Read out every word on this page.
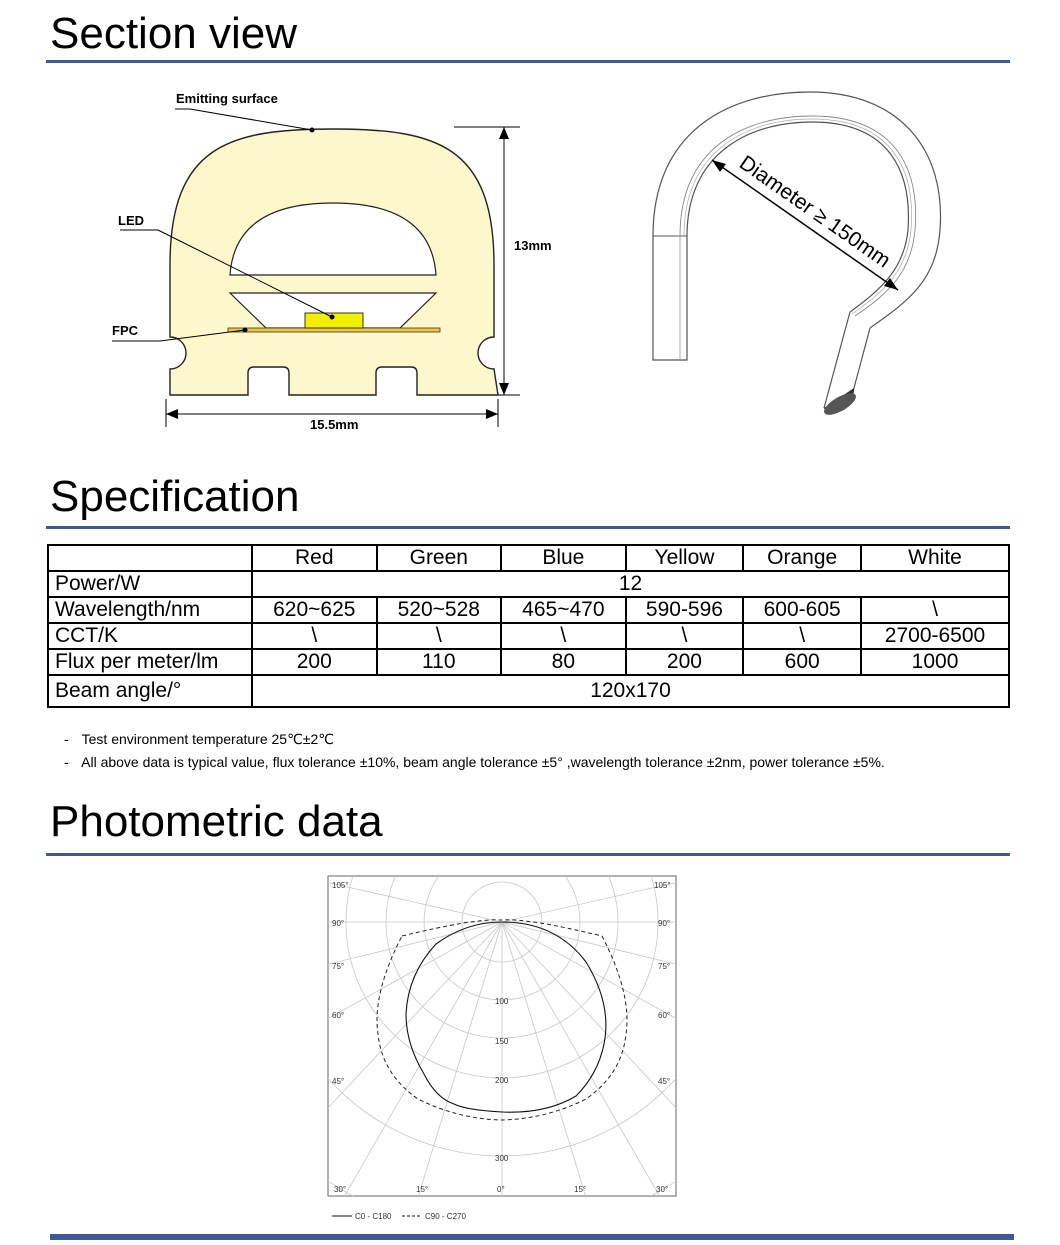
Section view
Emitting surface
LED
FPC
13mm
15.5mm
Diameter ≥ 150mm
Specification
	Red	Green	Blue	Yellow	Orange	White
Power/W	12					
Wavelength/nm	620~625	520~528	465~470	590-596	600-605	\
CCT/K	\	\	\	\	\	2700-6500
Flux per meter/lm	200	110	80	200	600	1000
Beam angle/°	120x170					
- Test environment temperature 25℃±2℃
- All above data is typical value, flux tolerance ±10%, beam angle tolerance ±5° ,wavelength tolerance ±2nm, power tolerance ±5%.
Photometric data
105°
90°
75°
60°
45°
105°
90°
75°
60°
45°
30°	15°	0°	15°	30°
100
150
200
300
C0 - C180	C90 - C270
